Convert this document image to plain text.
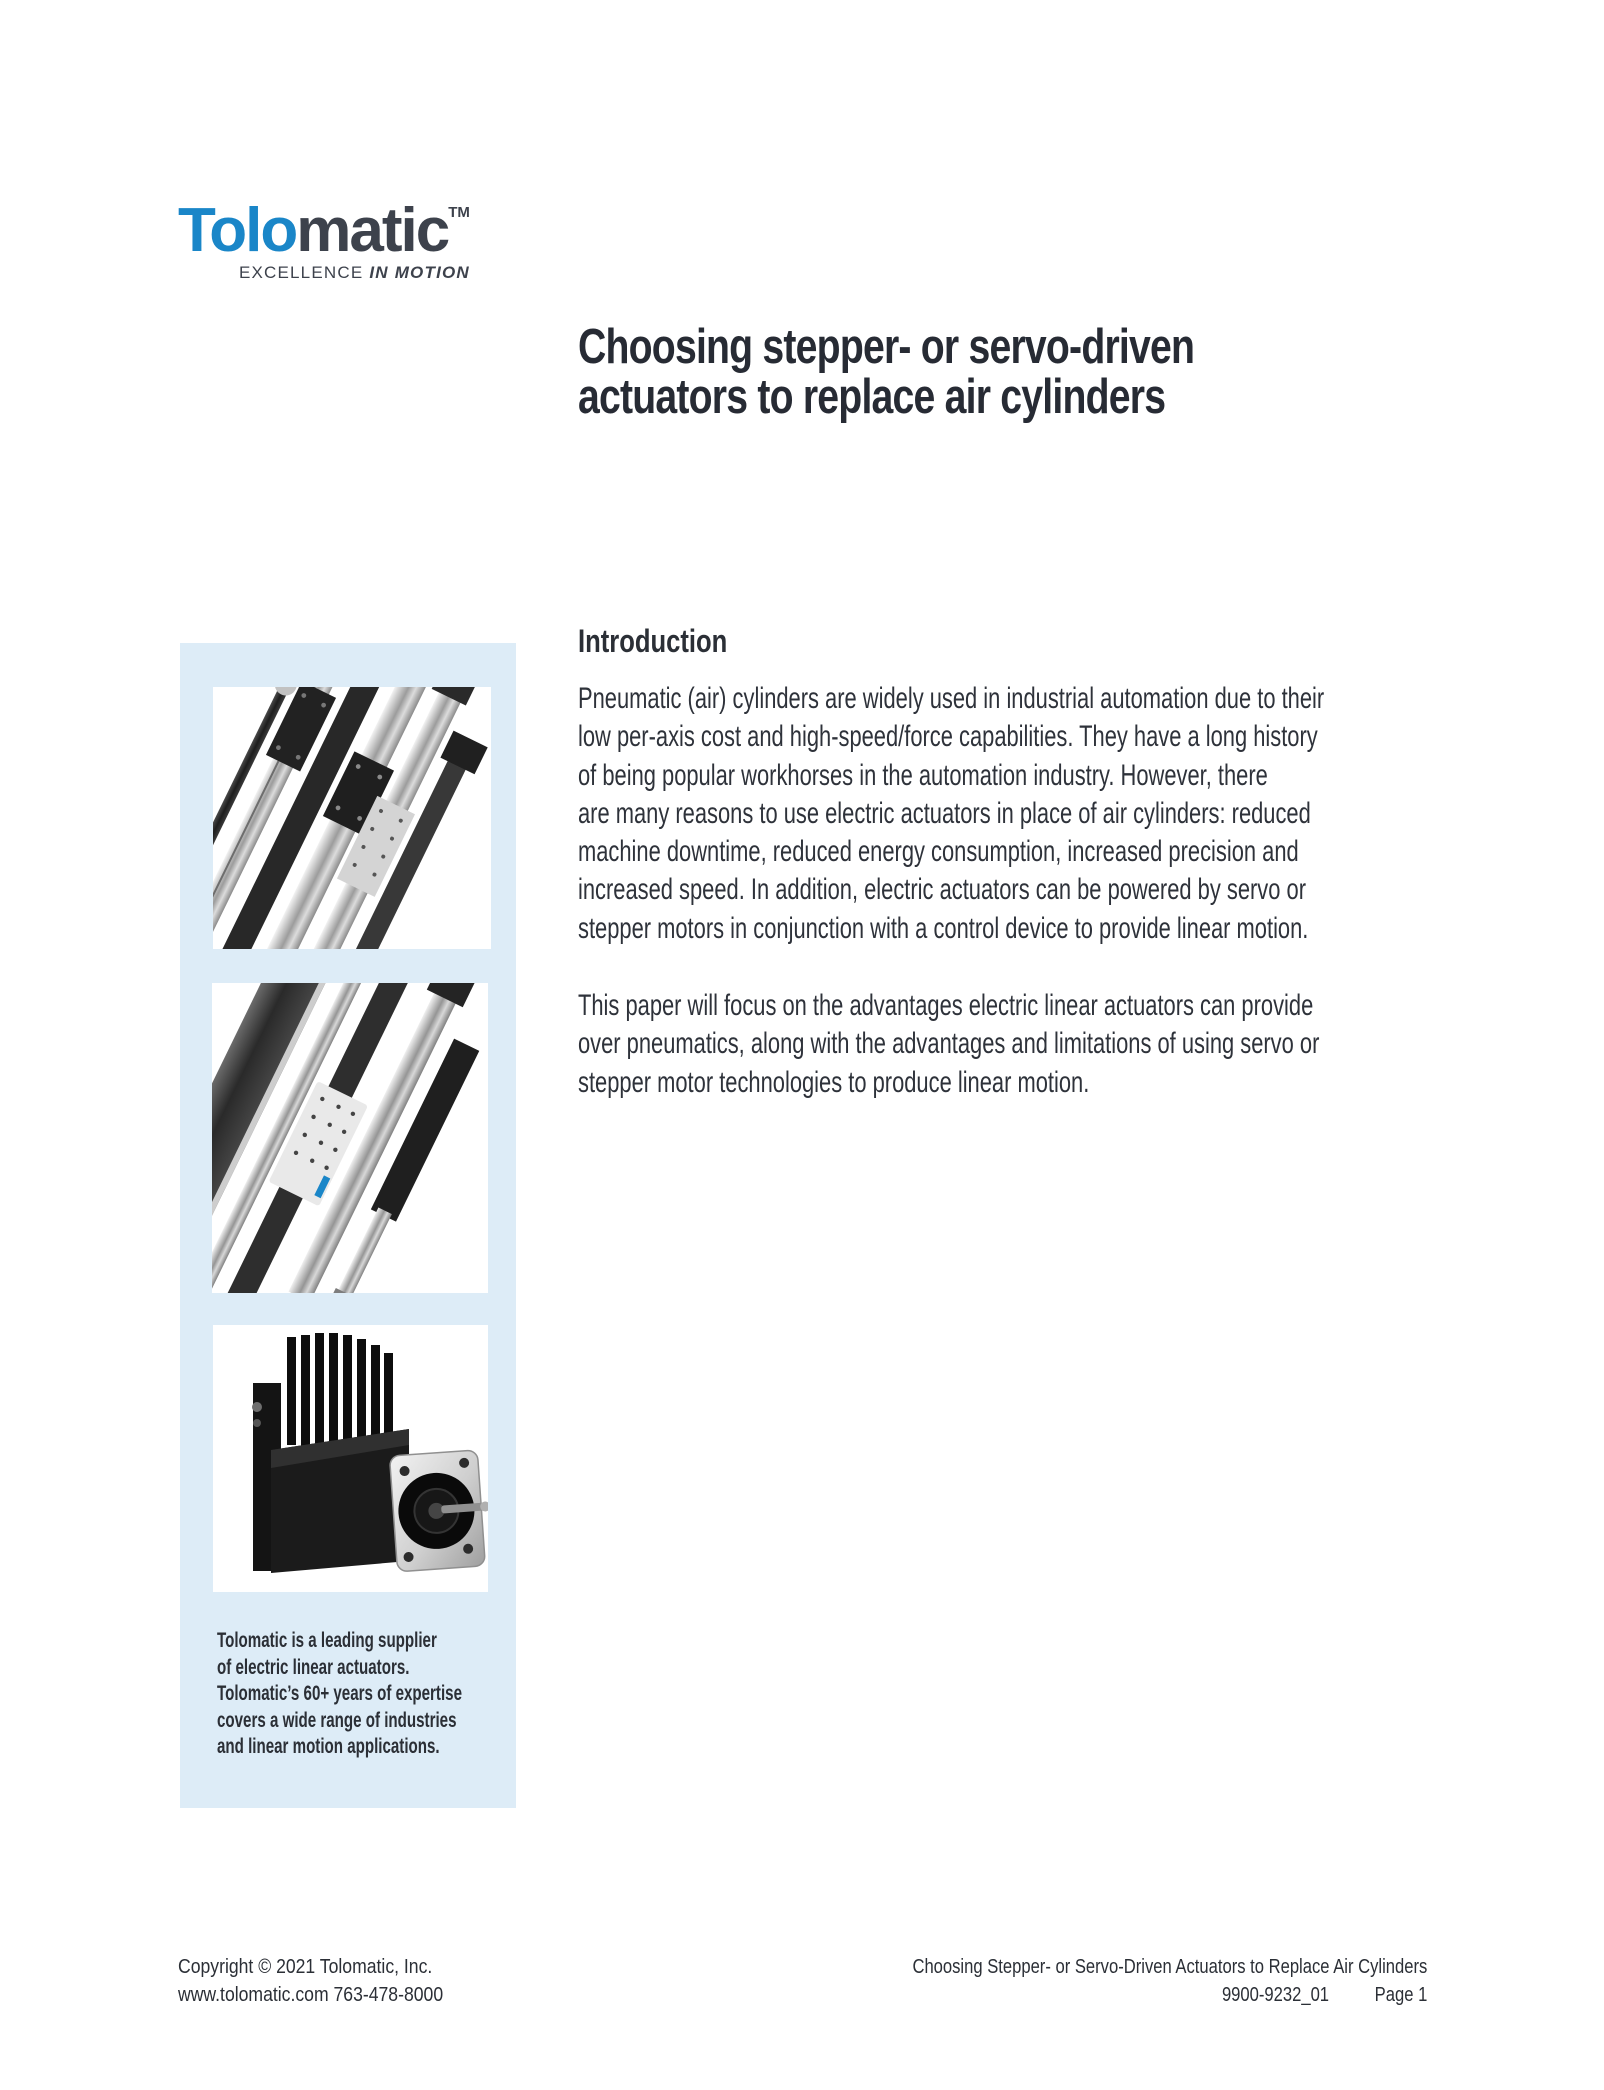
Tolomatic™
EXCELLENCE IN MOTION
Choosing stepper- or servo-driven
actuators to replace air cylinders
Tolomatic is a leading supplier
of electric linear actuators.
Tolomatic’s 60+ years of expertise
covers a wide range of industries
and linear motion applications.
Introduction
Pneumatic (air) cylinders are widely used in industrial automation due to their
low per-axis cost and high-speed/force capabilities. They have a long history
of being popular workhorses in the automation industry. However, there
are many reasons to use electric actuators in place of air cylinders: reduced
machine downtime, reduced energy consumption, increased precision and
increased speed. In addition, electric actuators can be powered by servo or
stepper motors in conjunction with a control device to provide linear motion.
This paper will focus on the advantages electric linear actuators can provide
over pneumatics, along with the advantages and limitations of using servo or
stepper motor technologies to produce linear motion.
Copyright © 2021 Tolomatic, Inc.
www.tolomatic.com 763-478-8000
Choosing Stepper- or Servo-Driven Actuators to Replace Air Cylinders
9900-9232_01 Page 1
